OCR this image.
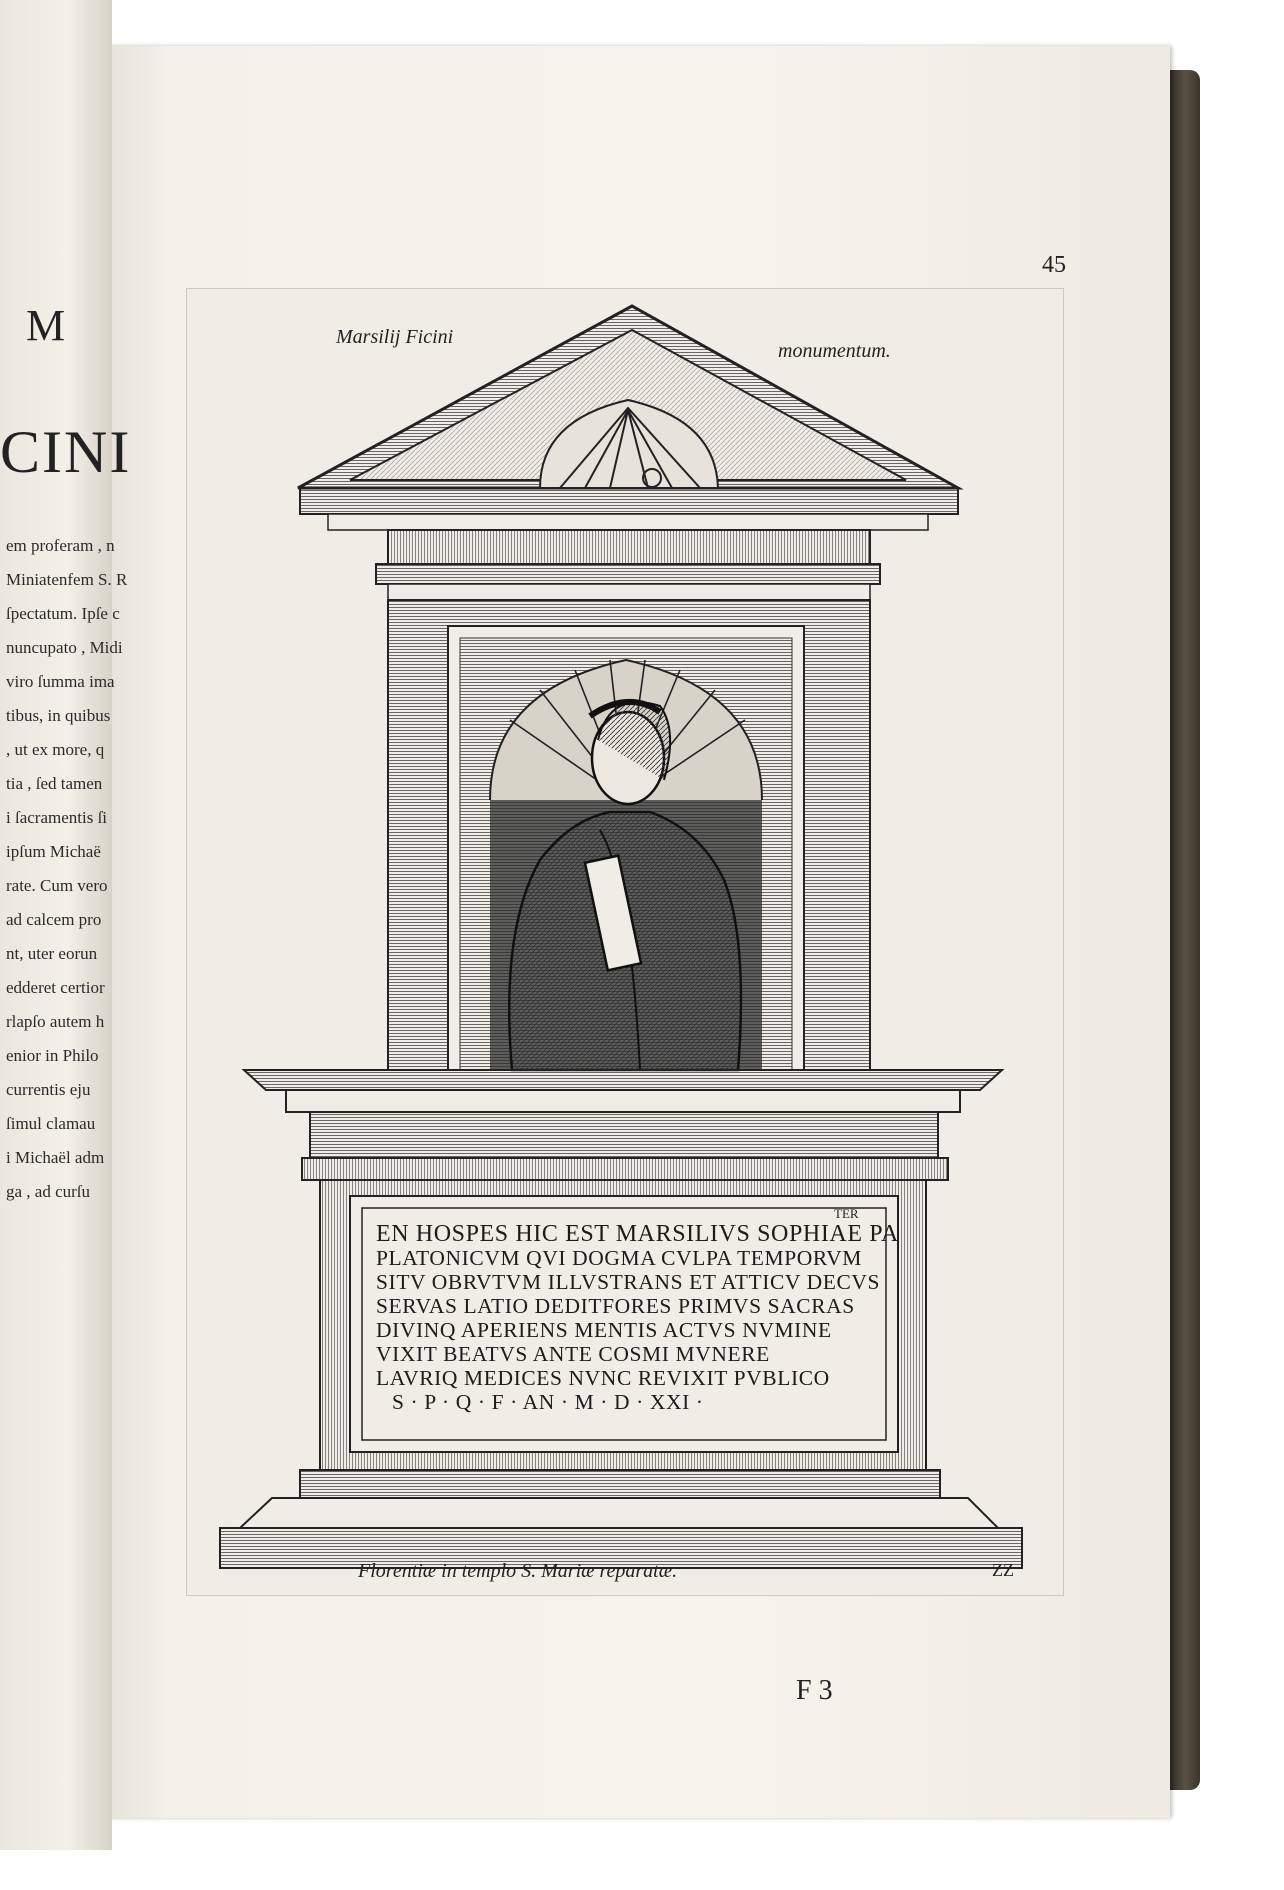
M
CINI
em proferam , n
Miniatenfem S. R
ſpectatum. Ipſe c
nuncupato , Midi
viro ſumma ima
tibus, in quibus
, ut ex more, q
tia , ſed tamen
i ſacramentis ſi
ipſum Michaë
rate. Cum vero
ad calcem pro
nt, uter eorun
edderet certior
rlapſo autem h
enior in Philo
currentis eju
ſimul clamau
i Michaël adm
ga , ad curſu
45
Marsilij Ficini
monumentum.
TER
EN HOSPES HIC EST MARSILIVS SOPHIAE PA
PLATONICVM QVI DOGMA CVLPA TEMPORVM
SITV OBRVTVM ILLVSTRANS ET ATTICV DECVS
SERVAS LATIO DEDITFORES PRIMVS SACRAS
DIVINQ APERIENS MENTIS ACTVS NVMINE
VIXIT BEATVS ANTE COSMI MVNERE
LAVRIQ MEDICES NVNC REVIXIT PVBLICO
S · P · Q · F · AN · M · D · XXI ·
Florentiæ in templo S. Mariæ reparatæ.	ZZ
F 3
